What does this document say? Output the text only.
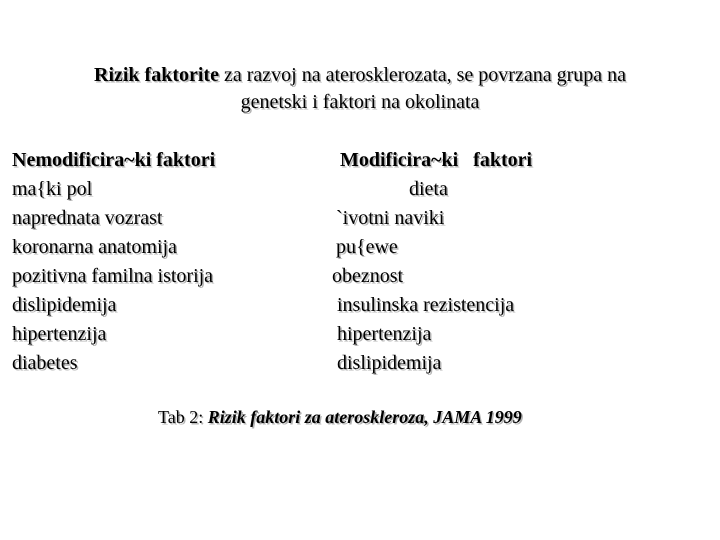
Rizik faktorite za razvoj na aterosklerozata, se povrzana grupa na
genetski i faktori na okolinata
Nemodificira~ki faktori
ma{ki pol
naprednata vozrast
koronarna anatomija
pozitivna familna istorija
dislipidemija
hipertenzija
diabetes
Modificira~ki   faktori
dieta
`ivotni naviki
pu{ewe
obeznost
insulinska rezistencija
hipertenzija
dislipidemija
Tab 2: Rizik faktori za ateroskleroza, JAMA 1999
